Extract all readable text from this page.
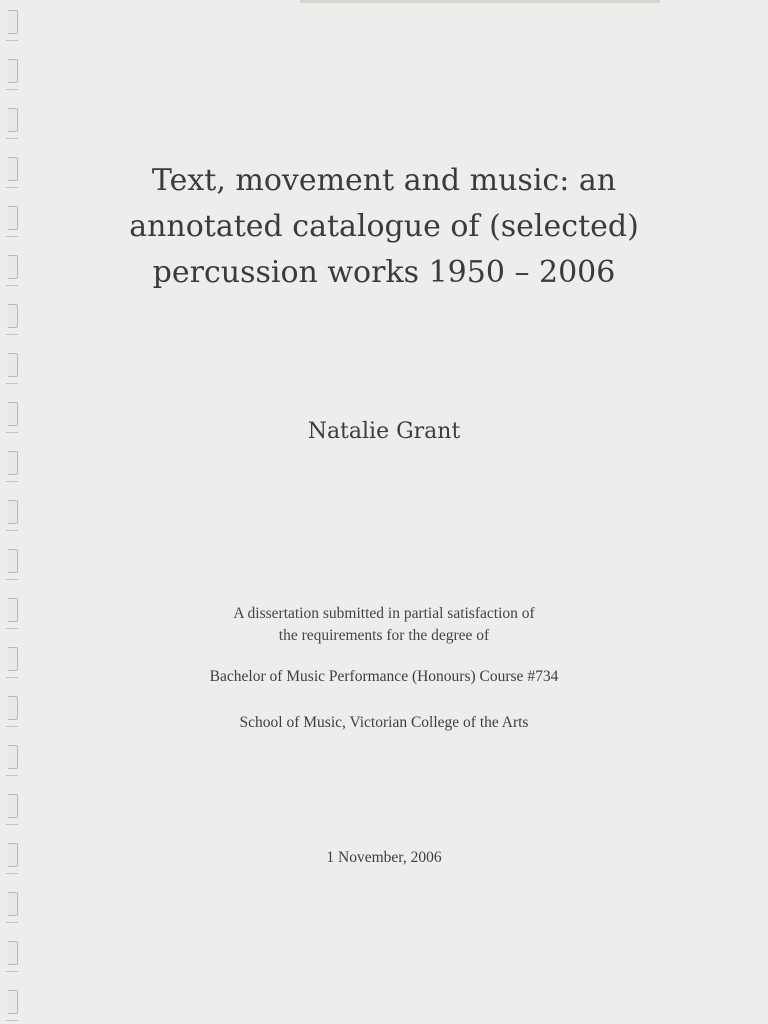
Text, movement and music: an
annotated catalogue of (selected)
percussion works 1950 – 2006
Natalie Grant
A dissertation submitted in partial satisfaction of
the requirements for the degree of
Bachelor of Music Performance (Honours) Course #734
School of Music, Victorian College of the Arts
1 November, 2006
